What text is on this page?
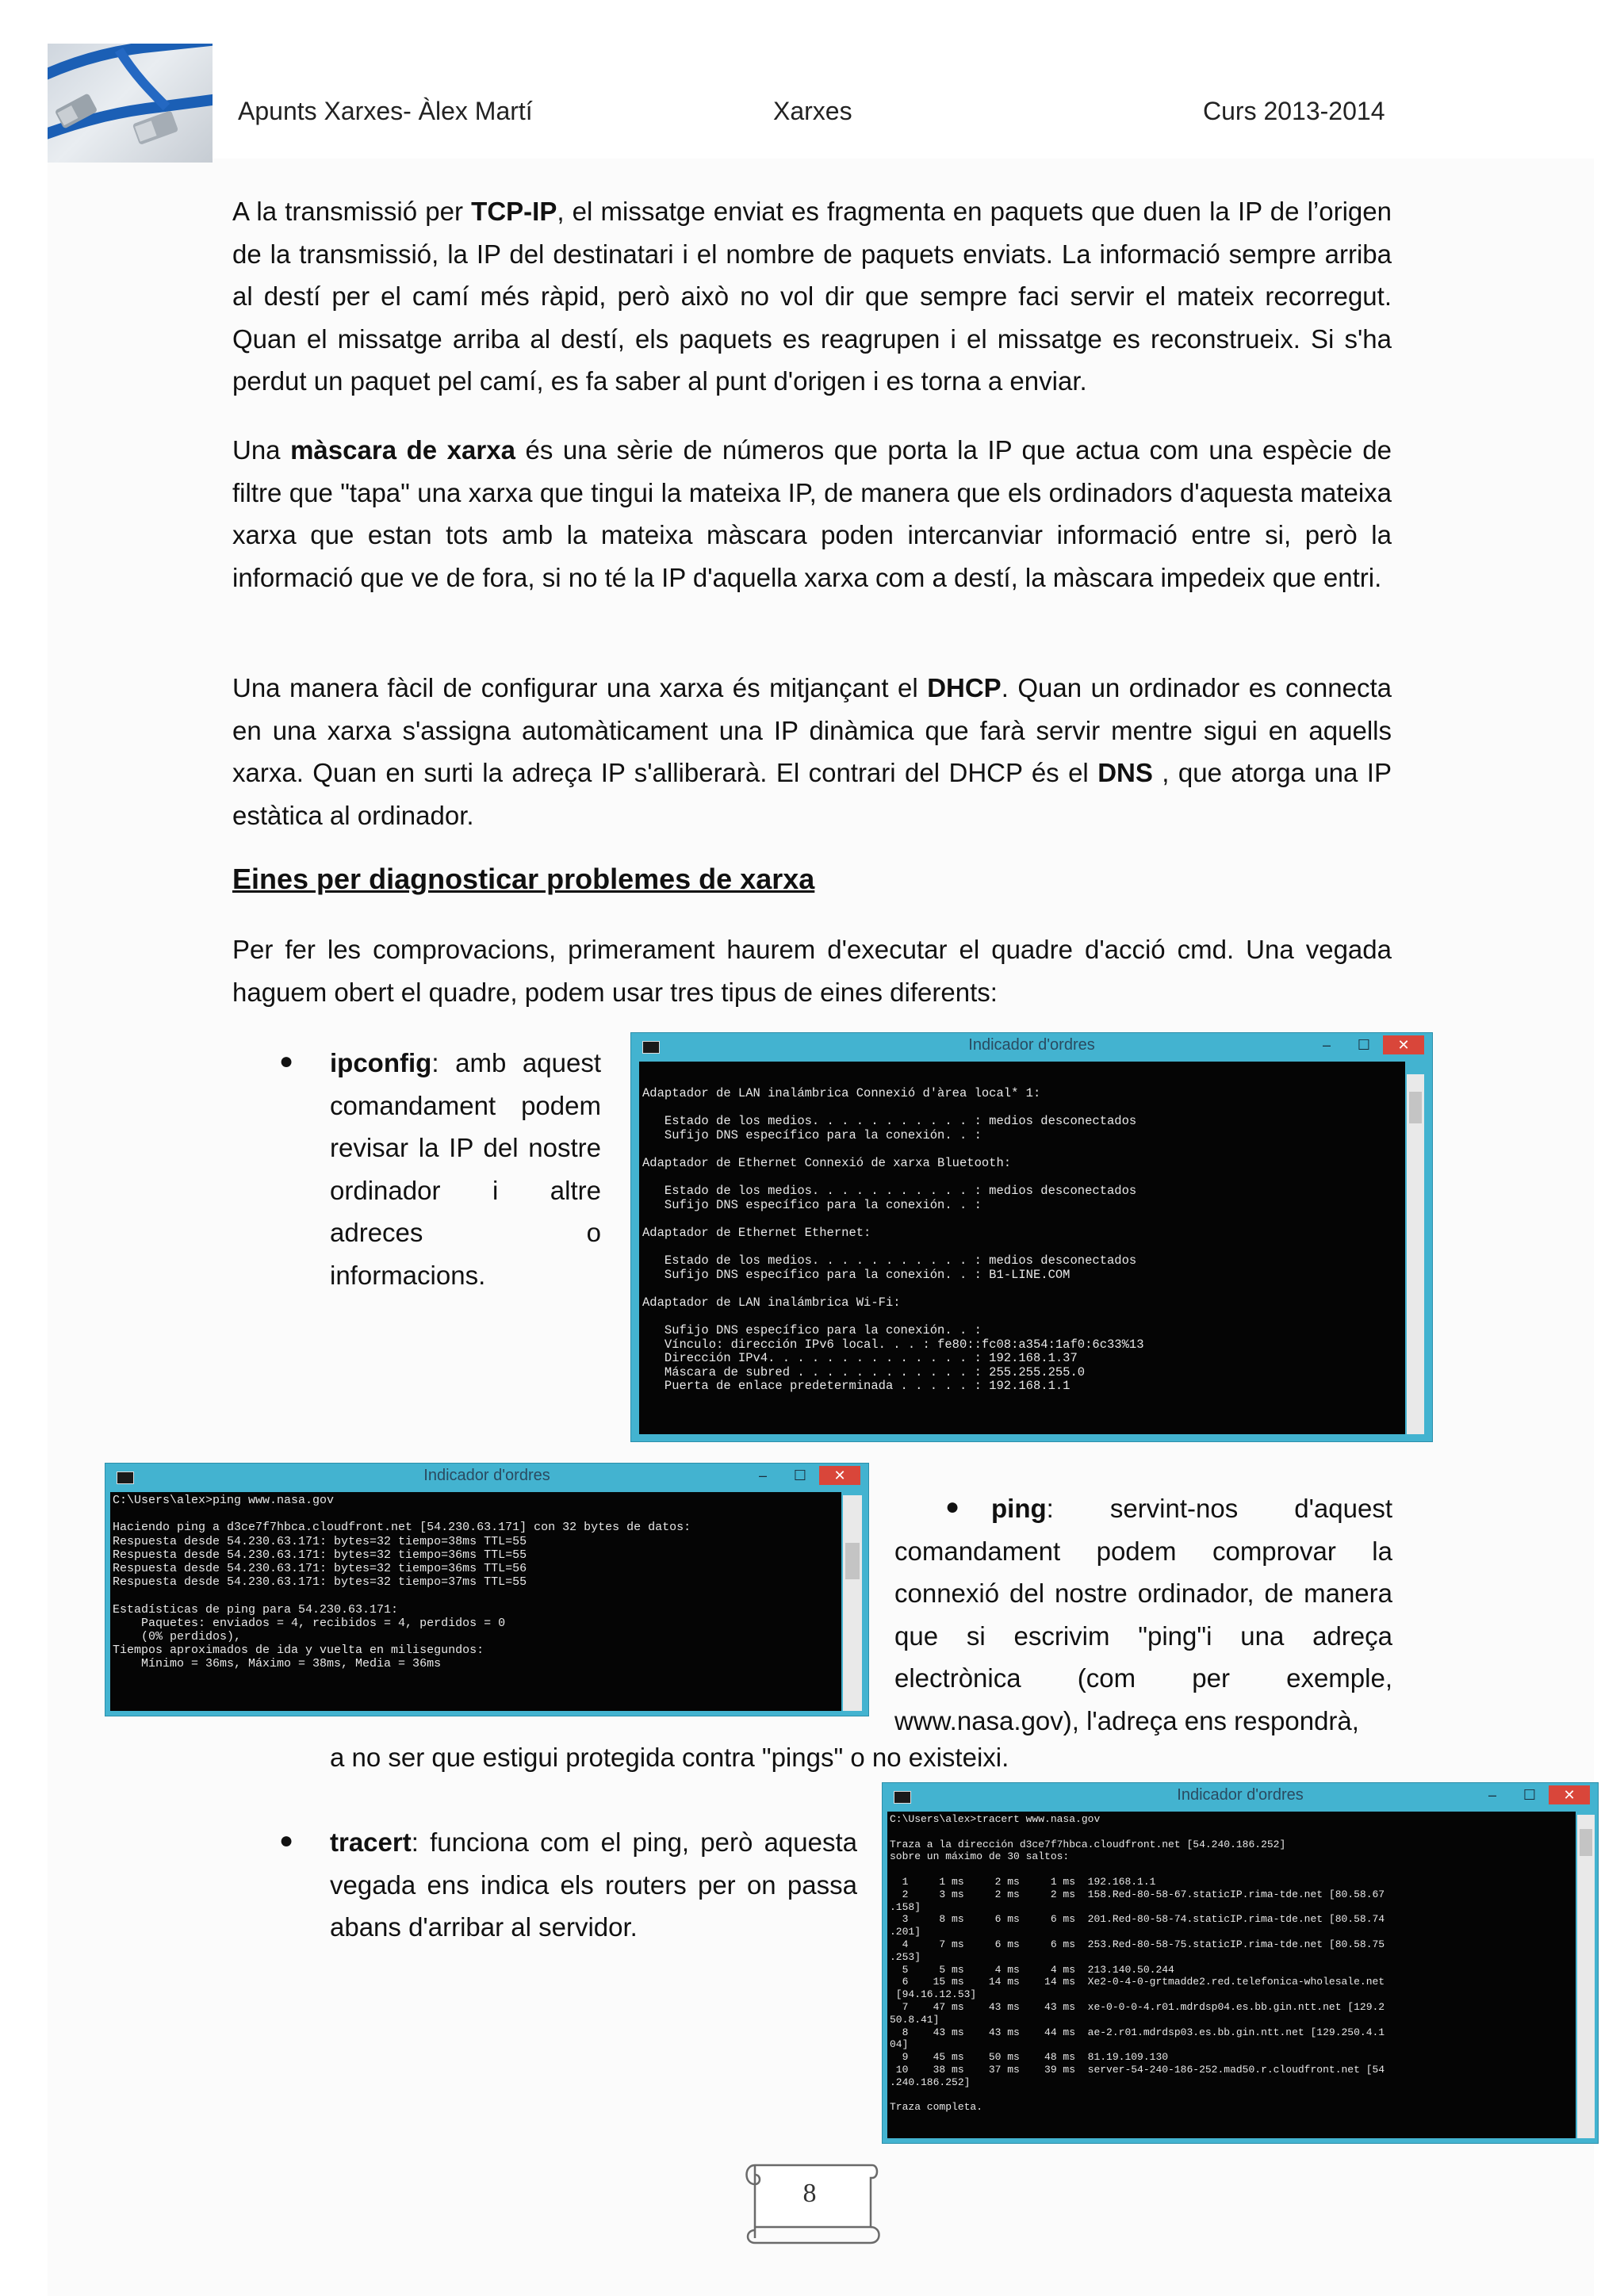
Apunts Xarxes- Àlex Martí	Xarxes	Curs 2013-2014
A la transmissió per TCP-IP, el missatge enviat es fragmenta en paquets que duen la IP de l’origen de la transmissió, la IP del destinatari i el nombre de paquets enviats. La informació sempre arriba al destí per el camí més ràpid, però això no vol dir que sempre faci servir el mateix recorregut. Quan el missatge arriba al destí, els paquets es reagrupen i el missatge es reconstrueix. Si s'ha perdut un paquet pel camí, es fa saber al punt d'origen i es torna a enviar.
Una màscara de xarxa és una sèrie de números que porta la IP que actua com una espècie de filtre que "tapa" una xarxa que tingui la mateixa IP, de manera que els ordinadors d'aquesta mateixa xarxa que estan tots amb la mateixa màscara poden intercanviar informació entre si, però la informació que ve de fora, si no té la IP d'aquella xarxa com a destí, la màscara impedeix que entri.
Una manera fàcil de configurar una xarxa és mitjançant el DHCP. Quan un ordinador es connecta en una xarxa s'assigna automàticament una IP dinàmica que farà servir mentre sigui en aquells xarxa. Quan en surti la adreça IP s'alliberarà. El contrari del DHCP és el DNS , que atorga una IP estàtica al ordinador.
Eines per diagnosticar problemes de xarxa
Per fer les comprovacions, primerament haurem d'executar el quadre d'acció cmd. Una vegada haguem obert el quadre, podem usar tres tipus de eines diferents:
● ipconfig: amb aquest comandament podem revisar la IP del nostre ordinador i altre adreces o informacions.
Indicador d'ordres	–	☐	✕
Adaptador de LAN inalámbrica Connexió d'àrea local* 1:

Estado de los medios. . . . . . . . . . . : medios desconectados
Sufijo DNS específico para la conexión. . :

Adaptador de Ethernet Connexió de xarxa Bluetooth:

Estado de los medios. . . . . . . . . . . : medios desconectados
Sufijo DNS específico para la conexión. . :

Adaptador de Ethernet Ethernet:

Estado de los medios. . . . . . . . . . . : medios desconectados
Sufijo DNS específico para la conexión. . : B1-LINE.COM

Adaptador de LAN inalámbrica Wi-Fi:

Sufijo DNS específico para la conexión. . :
Vínculo: dirección IPv6 local. . . : fe80::fc08:a354:1af0:6c33%13
Dirección IPv4. . . . . . . . . . . . . . : 192.168.1.37
Máscara de subred . . . . . . . . . . . . : 255.255.255.0
Puerta de enlace predeterminada . . . . . : 192.168.1.1
Indicador d'ordres	–	☐	✕
C:\Users\alex>ping www.nasa.gov

Haciendo ping a d3ce7f7hbca.cloudfront.net [54.230.63.171] con 32 bytes de datos:
Respuesta desde 54.230.63.171: bytes=32 tiempo=38ms TTL=55
Respuesta desde 54.230.63.171: bytes=32 tiempo=36ms TTL=55
Respuesta desde 54.230.63.171: bytes=32 tiempo=36ms TTL=56
Respuesta desde 54.230.63.171: bytes=32 tiempo=37ms TTL=55

Estadísticas de ping para 54.230.63.171:
Paquetes: enviados = 4, recibidos = 4, perdidos = 0
(0% perdidos),
Tiempos aproximados de ida y vuelta en milisegundos:
Mínimo = 36ms, Máximo = 38ms, Media = 36ms
●	ping: servint-nos d'aquest comandament podem comprovar la connexió del nostre ordinador, de manera que si escrivim "ping"i una adreça electrònica (com per exemple, www.nasa.gov), l'adreça ens respondrà,
a no ser que estigui protegida contra "pings" o no existeixi.
● tracert: funciona com el ping, però aquesta vegada ens indica els routers per on passa abans d'arribar al servidor.
Indicador d'ordres	–	☐	✕
C:\Users\alex>tracert www.nasa.gov

Traza a la dirección d3ce7f7hbca.cloudfront.net [54.240.186.252]
sobre un máximo de 30 saltos:

1     1 ms     2 ms     1 ms  192.168.1.1
2     3 ms     2 ms     2 ms  158.Red-80-58-67.staticIP.rima-tde.net [80.58.67
.158]
3     8 ms     6 ms     6 ms  201.Red-80-58-74.staticIP.rima-tde.net [80.58.74
.201]
4     7 ms     6 ms     6 ms  253.Red-80-58-75.staticIP.rima-tde.net [80.58.75
.253]
5     5 ms     4 ms     4 ms  213.140.50.244
6    15 ms    14 ms    14 ms  Xe2-0-4-0-grtmadde2.red.telefonica-wholesale.net
[94.16.12.53]
7    47 ms    43 ms    43 ms  xe-0-0-0-4.r01.mdrdsp04.es.bb.gin.ntt.net [129.2
50.8.41]
8    43 ms    43 ms    44 ms  ae-2.r01.mdrdsp03.es.bb.gin.ntt.net [129.250.4.1
04]
9    45 ms    50 ms    48 ms  81.19.109.130
10    38 ms    37 ms    39 ms  server-54-240-186-252.mad50.r.cloudfront.net [54
.240.186.252]

Traza completa.
8
